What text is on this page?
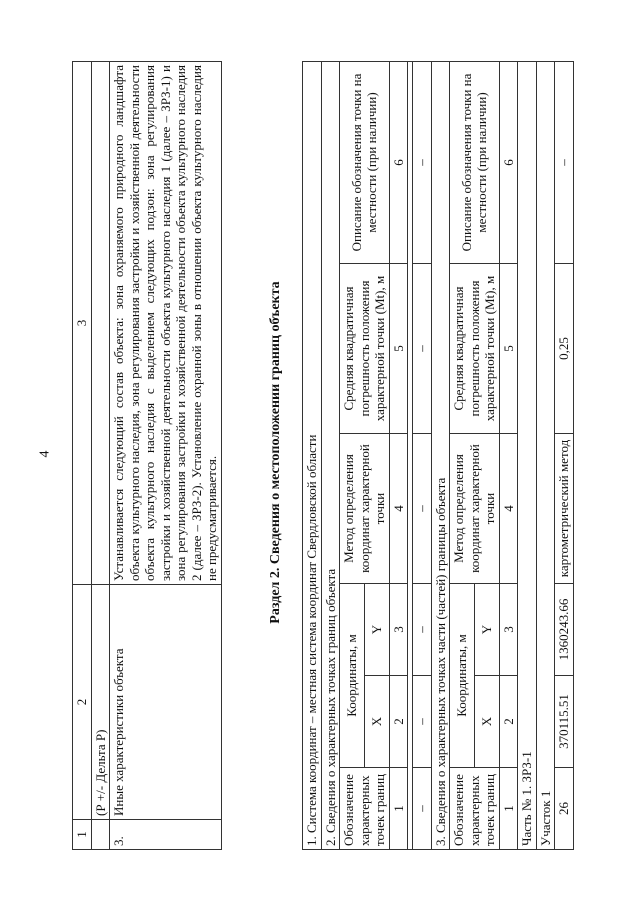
4
1	2	3
	(Р +/- Дельта Р)	
3.	Иные характеристики объекта	Устанавливается следующий состав объекта: зона охраняемого природного ландшафта объекта культурного наследия, зона регулирования застройки и хозяйственной деятельности объекта культурного наследия с выделением следующих подзон: зона регулирования застройки и хозяйственной деятельности объекта культурного наследия 1 (далее – ЗРЗ-1) и зона регулирования застройки и хозяйственной деятельности объекта культурного наследия 2 (далее – ЗРЗ-2). Установление охранной зоны в отношении объекта культурного наследия не предусматривается.	Раздел 2. Сведения о местоположении границ объекта 1. Система координат – местная система координат Свердловской области					
2. Сведения о характерных точках границ объекта					
Обозначение характерных точек границ	Координаты, м		Метод определения координат характерной точки	Средняя квадратичная погрешность положения характерной точки (Mt), м	Описание обозначения точки на местности (при наличии)
	X	Y			
1	2	3	4	5	6

–	–	–	–	–	–
3. Сведения о характерных точках части (частей) границы объекта					
Обозначение характерных точек границ	Координаты, м		Метод определения координат характерной точки	Средняя квадратичная погрешность положения характерной точки (Mt), м	Описание обозначения точки на местности (при наличии)
	X	Y			
1	2	3	4	5	6
Часть № 1. ЗРЗ-1					
Участок 1					
26	370115.51	1360243.66	картометрический метод	0,25	–
